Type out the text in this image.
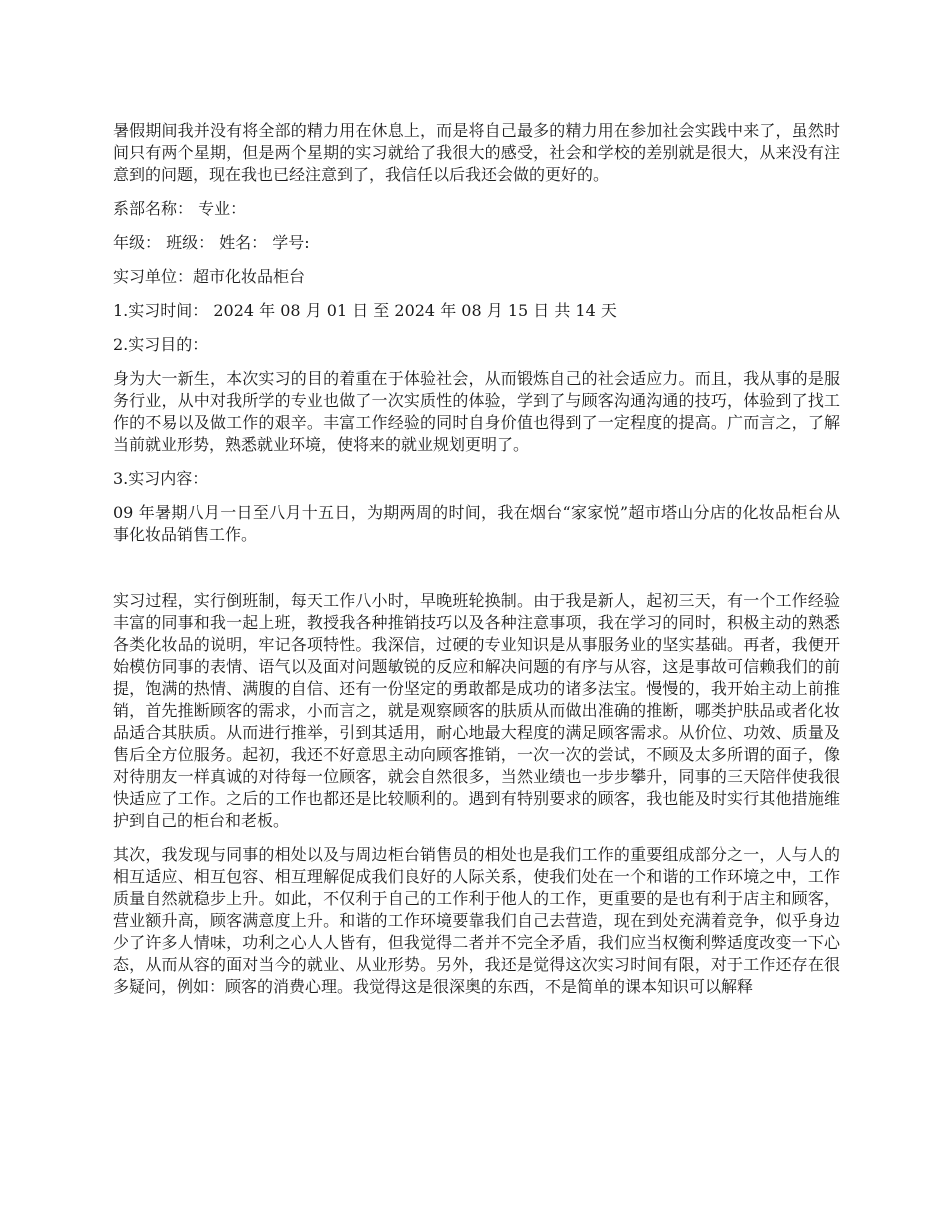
暑假期间我并没有将全部的精力用在休息上，而是将自己最多的精力用在参加社会实践中来了，虽然时间只有两个星期，但是两个星期的实习就给了我很大的感受，社会和学校的差别就是很大，从来没有注意到的问题，现在我也已经注意到了，我信任以后我还会做的更好的。

系部名称： 专业：

年级： 班级： 姓名： 学号:

实习单位：超市化妆品柜台

1.实习时间： 2024 年 08 月 01 日 至 2024 年 08 月 15 日 共 14 天

2.实习目的：

身为大一新生，本次实习的目的着重在于体验社会，从而锻炼自己的社会适应力。而且，我从事的是服务行业，从中对我所学的专业也做了一次实质性的体验，学到了与顾客沟通沟通的技巧，体验到了找工作的不易以及做工作的艰辛。丰富工作经验的同时自身价值也得到了一定程度的提高。广而言之，了解当前就业形势，熟悉就业环境，使将来的就业规划更明了。

3.实习内容：

09 年暑期八月一日至八月十五日，为期两周的时间，我在烟台“家家悦”超市塔山分店的化妆品柜台从事化妆品销售工作。

实习过程，实行倒班制，每天工作八小时，早晚班轮换制。由于我是新人，起初三天，有一个工作经验丰富的同事和我一起上班，教授我各种推销技巧以及各种注意事项，我在学习的同时，积极主动的熟悉各类化妆品的说明，牢记各项特性。我深信，过硬的专业知识是从事服务业的坚实基础。再者，我便开始模仿同事的表情、语气以及面对问题敏锐的反应和解决问题的有序与从容，这是事故可信赖我们的前提，饱满的热情、满腹的自信、还有一份坚定的勇敢都是成功的诸多法宝。慢慢的，我开始主动上前推销，首先推断顾客的需求，小而言之，就是观察顾客的肤质从而做出准确的推断，哪类护肤品或者化妆品适合其肤质。从而进行推举，引到其适用，耐心地最大程度的满足顾客需求。从价位、功效、质量及售后全方位服务。起初，我还不好意思主动向顾客推销，一次一次的尝试，不顾及太多所谓的面子，像对待朋友一样真诚的对待每一位顾客，就会自然很多，当然业绩也一步步攀升，同事的三天陪伴使我很快适应了工作。之后的工作也都还是比较顺利的。遇到有特别要求的顾客，我也能及时实行其他措施维护到自己的柜台和老板。

其次，我发现与同事的相处以及与周边柜台销售员的相处也是我们工作的重要组成部分之一，人与人的相互适应、相互包容、相互理解促成我们良好的人际关系，使我们处在一个和谐的工作环境之中，工作质量自然就稳步上升。如此，不仅利于自己的工作利于他人的工作，更重要的是也有利于店主和顾客，营业额升高，顾客满意度上升。和谐的工作环境要靠我们自己去营造，现在到处充满着竞争，似乎身边少了许多人情味，功利之心人人皆有，但我觉得二者并不完全矛盾，我们应当权衡利弊适度改变一下心态，从而从容的面对当今的就业、从业形势。另外，我还是觉得这次实习时间有限，对于工作还存在很多疑问，例如：顾客的消费心理。我觉得这是很深奥的东西，不是简单的课本知识可以解释
